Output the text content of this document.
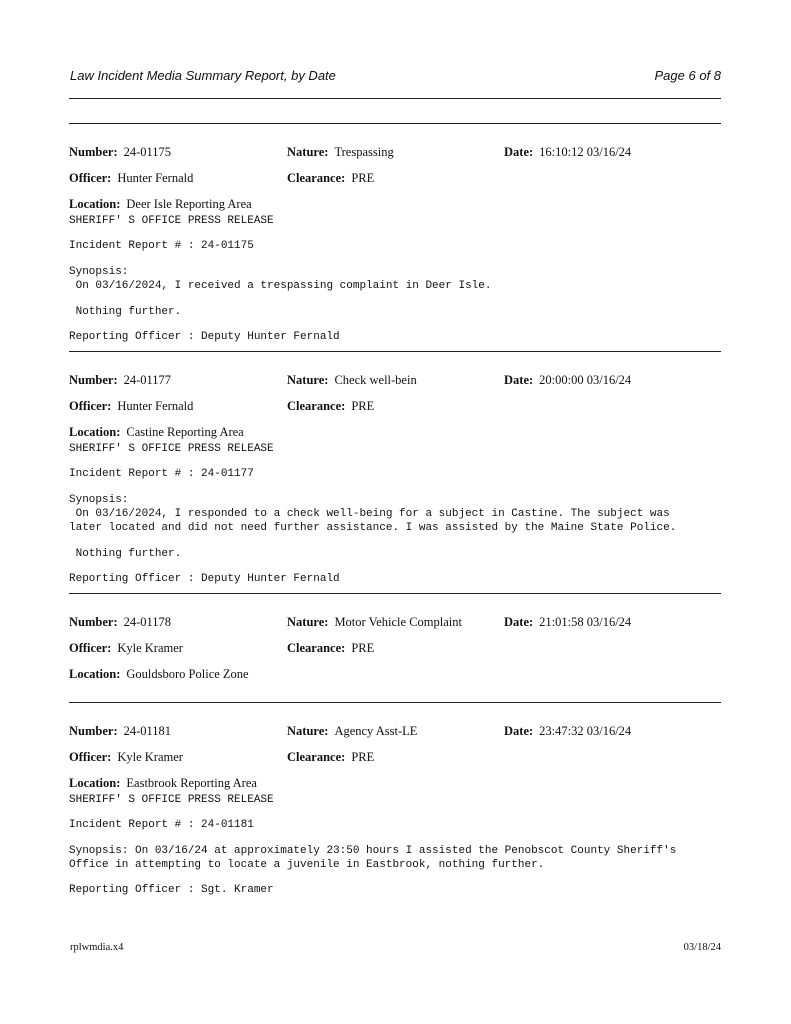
Law Incident Media Summary Report, by Date	Page 6 of 8
Number: 24-01175	Nature: Trespassing	Date: 16:10:12 03/16/24
Officer: Hunter Fernald	Clearance: PRE
Location: Deer Isle Reporting Area
SHERIFF' S OFFICE PRESS RELEASE
Incident Report # : 24-01175
Synopsis:
On 03/16/2024, I received a trespassing complaint in Deer Isle.
Nothing further.
Reporting Officer : Deputy Hunter Fernald
Number: 24-01177	Nature: Check well-bein	Date: 20:00:00 03/16/24
Officer: Hunter Fernald	Clearance: PRE
Location: Castine Reporting Area
SHERIFF' S OFFICE PRESS RELEASE
Incident Report # : 24-01177
Synopsis:
On 03/16/2024, I responded to a check well-being for a subject in Castine. The subject was
later located and did not need further assistance. I was assisted by the Maine State Police.
Nothing further.
Reporting Officer : Deputy Hunter Fernald
Number: 24-01178	Nature: Motor Vehicle Complaint	Date: 21:01:58 03/16/24
Officer: Kyle Kramer	Clearance: PRE
Location: Gouldsboro Police Zone
Number: 24-01181	Nature: Agency Asst-LE	Date: 23:47:32 03/16/24
Officer: Kyle Kramer	Clearance: PRE
Location: Eastbrook Reporting Area
SHERIFF' S OFFICE PRESS RELEASE
Incident Report # : 24-01181
Synopsis: On 03/16/24 at approximately 23:50 hours I assisted the Penobscot County Sheriff's
Office in attempting to locate a juvenile in Eastbrook, nothing further.
Reporting Officer : Sgt. Kramer
rplwmdia.x4	03/18/24
